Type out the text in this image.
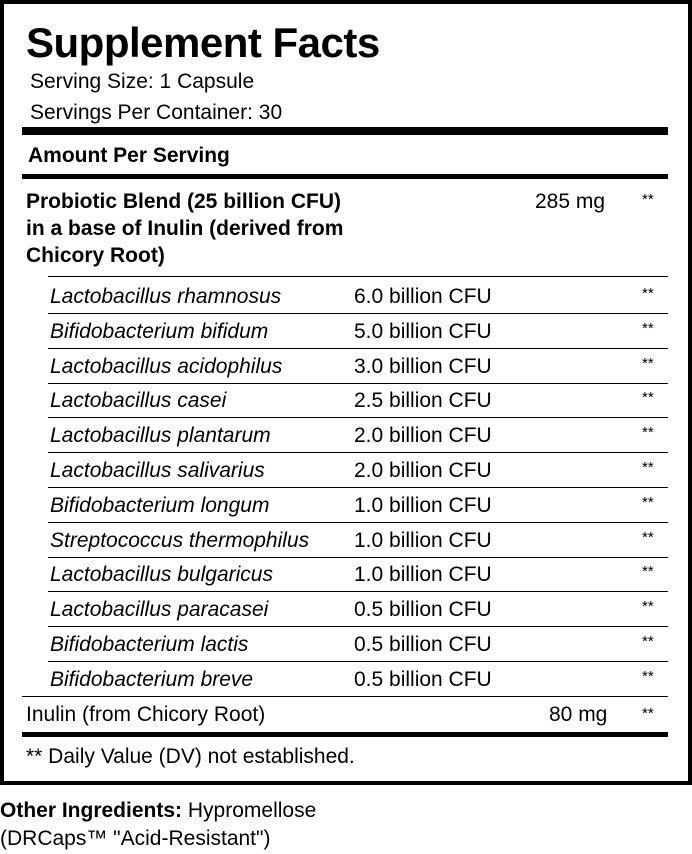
Supplement Facts
Serving Size: 1 Capsule
Servings Per Container: 30
Amount Per Serving
Probiotic Blend (25 billion CFU) in a base of Inulin (derived from Chicory Root)
285 mg **
Lactobacillus rhamnosus	6.0 billion CFU	**
Bifidobacterium bifidum	5.0 billion CFU	**
Lactobacillus acidophilus	3.0 billion CFU	**
Lactobacillus casei	2.5 billion CFU	**
Lactobacillus plantarum	2.0 billion CFU	**
Lactobacillus salivarius	2.0 billion CFU	**
Bifidobacterium longum	1.0 billion CFU	**
Streptococcus thermophilus 1.0 billion CFU	**
Lactobacillus bulgaricus	1.0 billion CFU	**
Lactobacillus paracasei	0.5 billion CFU	**
Bifidobacterium lactis	0.5 billion CFU	**
Bifidobacterium breve	0.5 billion CFU	**
Inulin (from Chicory Root)	80 mg **
** Daily Value (DV) not established.
Other Ingredients: Hypromellose (DRCaps™ "Acid-Resistant")
